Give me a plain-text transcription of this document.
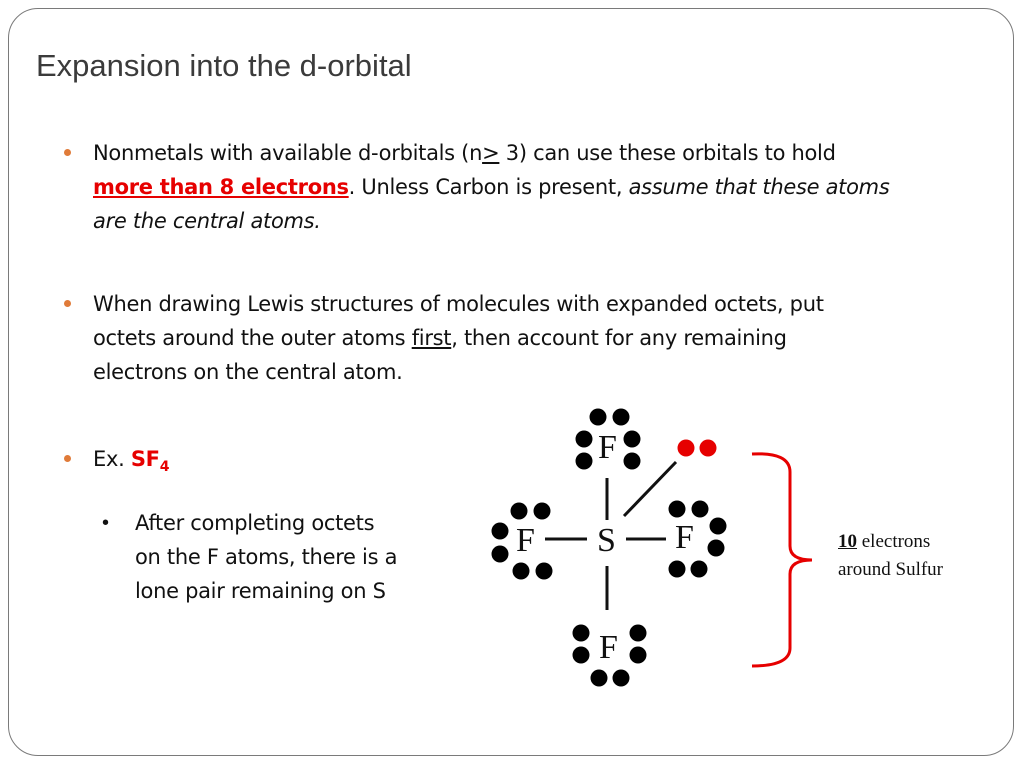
Expansion into the d-orbital
Nonmetals with available d-orbitals (n> 3) can use these orbitals to hold
more than 8 electrons. Unless Carbon is present, assume that these atoms
are the central atoms.
When drawing Lewis structures of molecules with expanded octets, put
octets around the outer atoms first, then account for any remaining
electrons on the central atom.
Ex. $SF_4$
• After completing octets
on the F atoms, there is a
lone pair remaining on S
F
F S F
F
10 electrons
around Sulfur
